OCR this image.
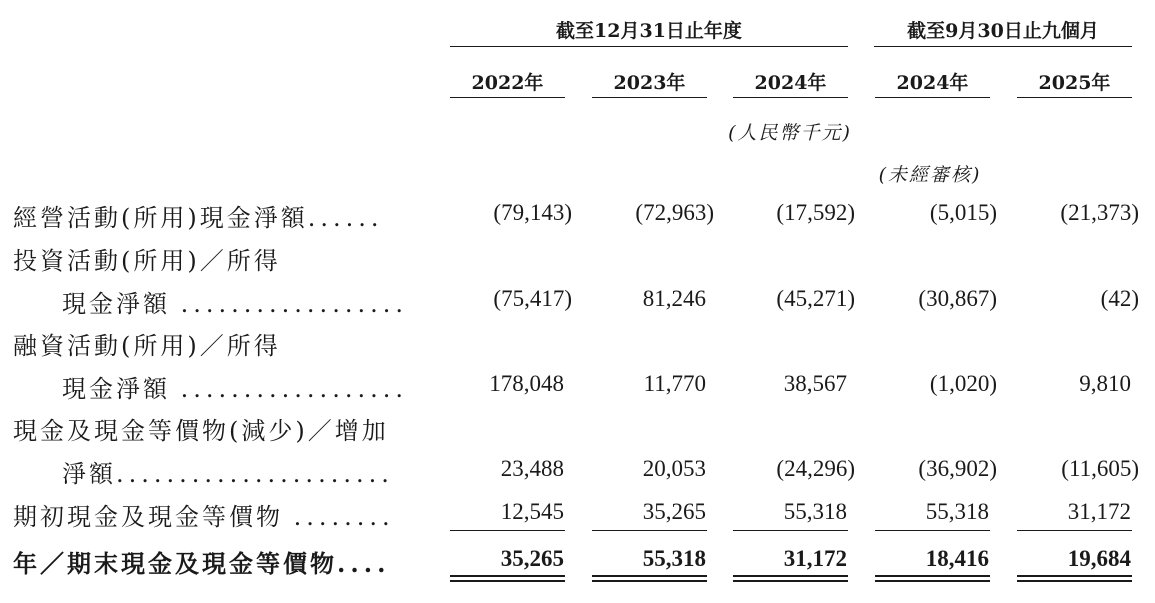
截至12月31日止年度	截至9月30日止九個月
2022年	2023年	2024年	2024年	2025年
(人民幣千元)
(未經審核)
經營活動(所用)現金淨額......	(79,143)	(72,963)	(17,592)	(5,015)	(21,373)
投資活動(所用)／所得
現金淨額 ..................	(75,417)	81,246	(45,271)	(30,867)	(42)
融資活動(所用)／所得
現金淨額 ..................	178,048	11,770	38,567	(1,020)	9,810
現金及現金等價物(減少)／增加
淨額......................	23,488	20,053	(24,296)	(36,902)	(11,605)
期初現金及現金等價物 ........	12,545	35,265	55,318	55,318	31,172
年／期末現金及現金等價物....	35,265	55,318	31,172	18,416	19,684
